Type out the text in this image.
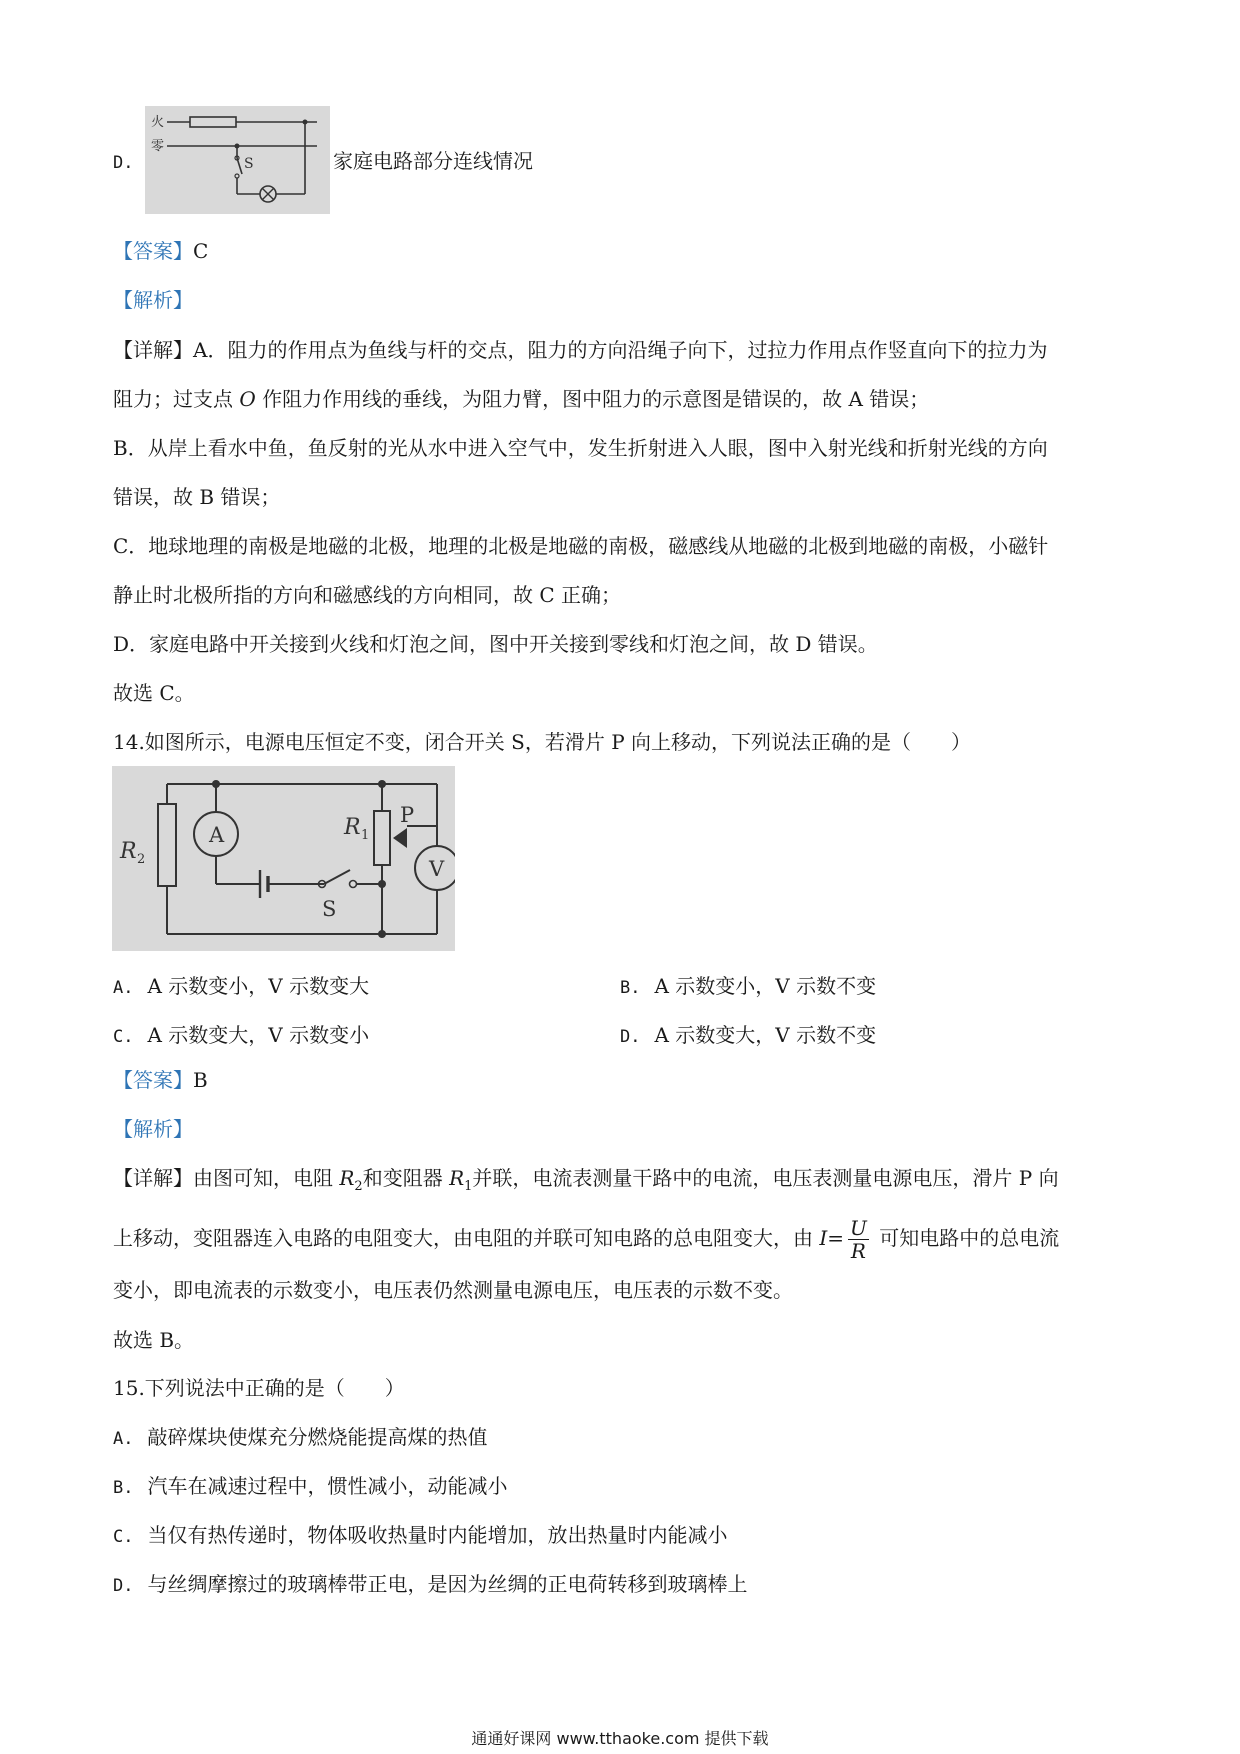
D.
火
零
S	家庭电路部分连线情况
【答案】C
【解析】
【详解】A．阻力的作用点为鱼线与杆的交点，阻力的方向沿绳子向下，过拉力作用点作竖直向下的拉力为
阻力；过支点 O 作阻力作用线的垂线，为阻力臂，图中阻力的示意图是错误的，故 A 错误；
B．从岸上看水中鱼，鱼反射的光从水中进入空气中，发生折射进入人眼，图中入射光线和折射光线的方向
错误，故 B 错误；
C．地球地理的南极是地磁的北极，地理的北极是地磁的南极，磁感线从地磁的北极到地磁的南极，小磁针
静止时北极所指的方向和磁感线的方向相同，故 C 正确；
D．家庭电路中开关接到火线和灯泡之间，图中开关接到零线和灯泡之间，故 D 错误。
故选 C。
14.如图所示，电源电压恒定不变，闭合开关 S，若滑片 P 向上移动，下列说法正确的是（　　）
A
V
R 2
R 1
P
S
A. A 示数变小，V 示数变大	B. A 示数变小，V 示数不变
C. A 示数变大，V 示数变小	D. A 示数变大，V 示数不变
【答案】B
【解析】
【详解】由图可知，电阻 $R_2$和变阻器 $R_1$并联，电流表测量干路中的电流，电压表测量电源电压，滑片 P 向
上移动，变阻器连入电路的电阻变大，由电阻的并联可知电路的总电阻变大，由 $I= \frac{U}{R}$ 可知电路中的总电流
变小，即电流表的示数变小，电压表仍然测量电源电压，电压表的示数不变。
故选 B。
15.下列说法中正确的是（　　）
A. 敲碎煤块使煤充分燃烧能提高煤的热值
B. 汽车在减速过程中，惯性减小，动能减小
C. 当仅有热传递时，物体吸收热量时内能增加，放出热量时内能减小
D. 与丝绸摩擦过的玻璃棒带正电，是因为丝绸的正电荷转移到玻璃棒上
通通好课网 www.tthaoke.com 提供下载
